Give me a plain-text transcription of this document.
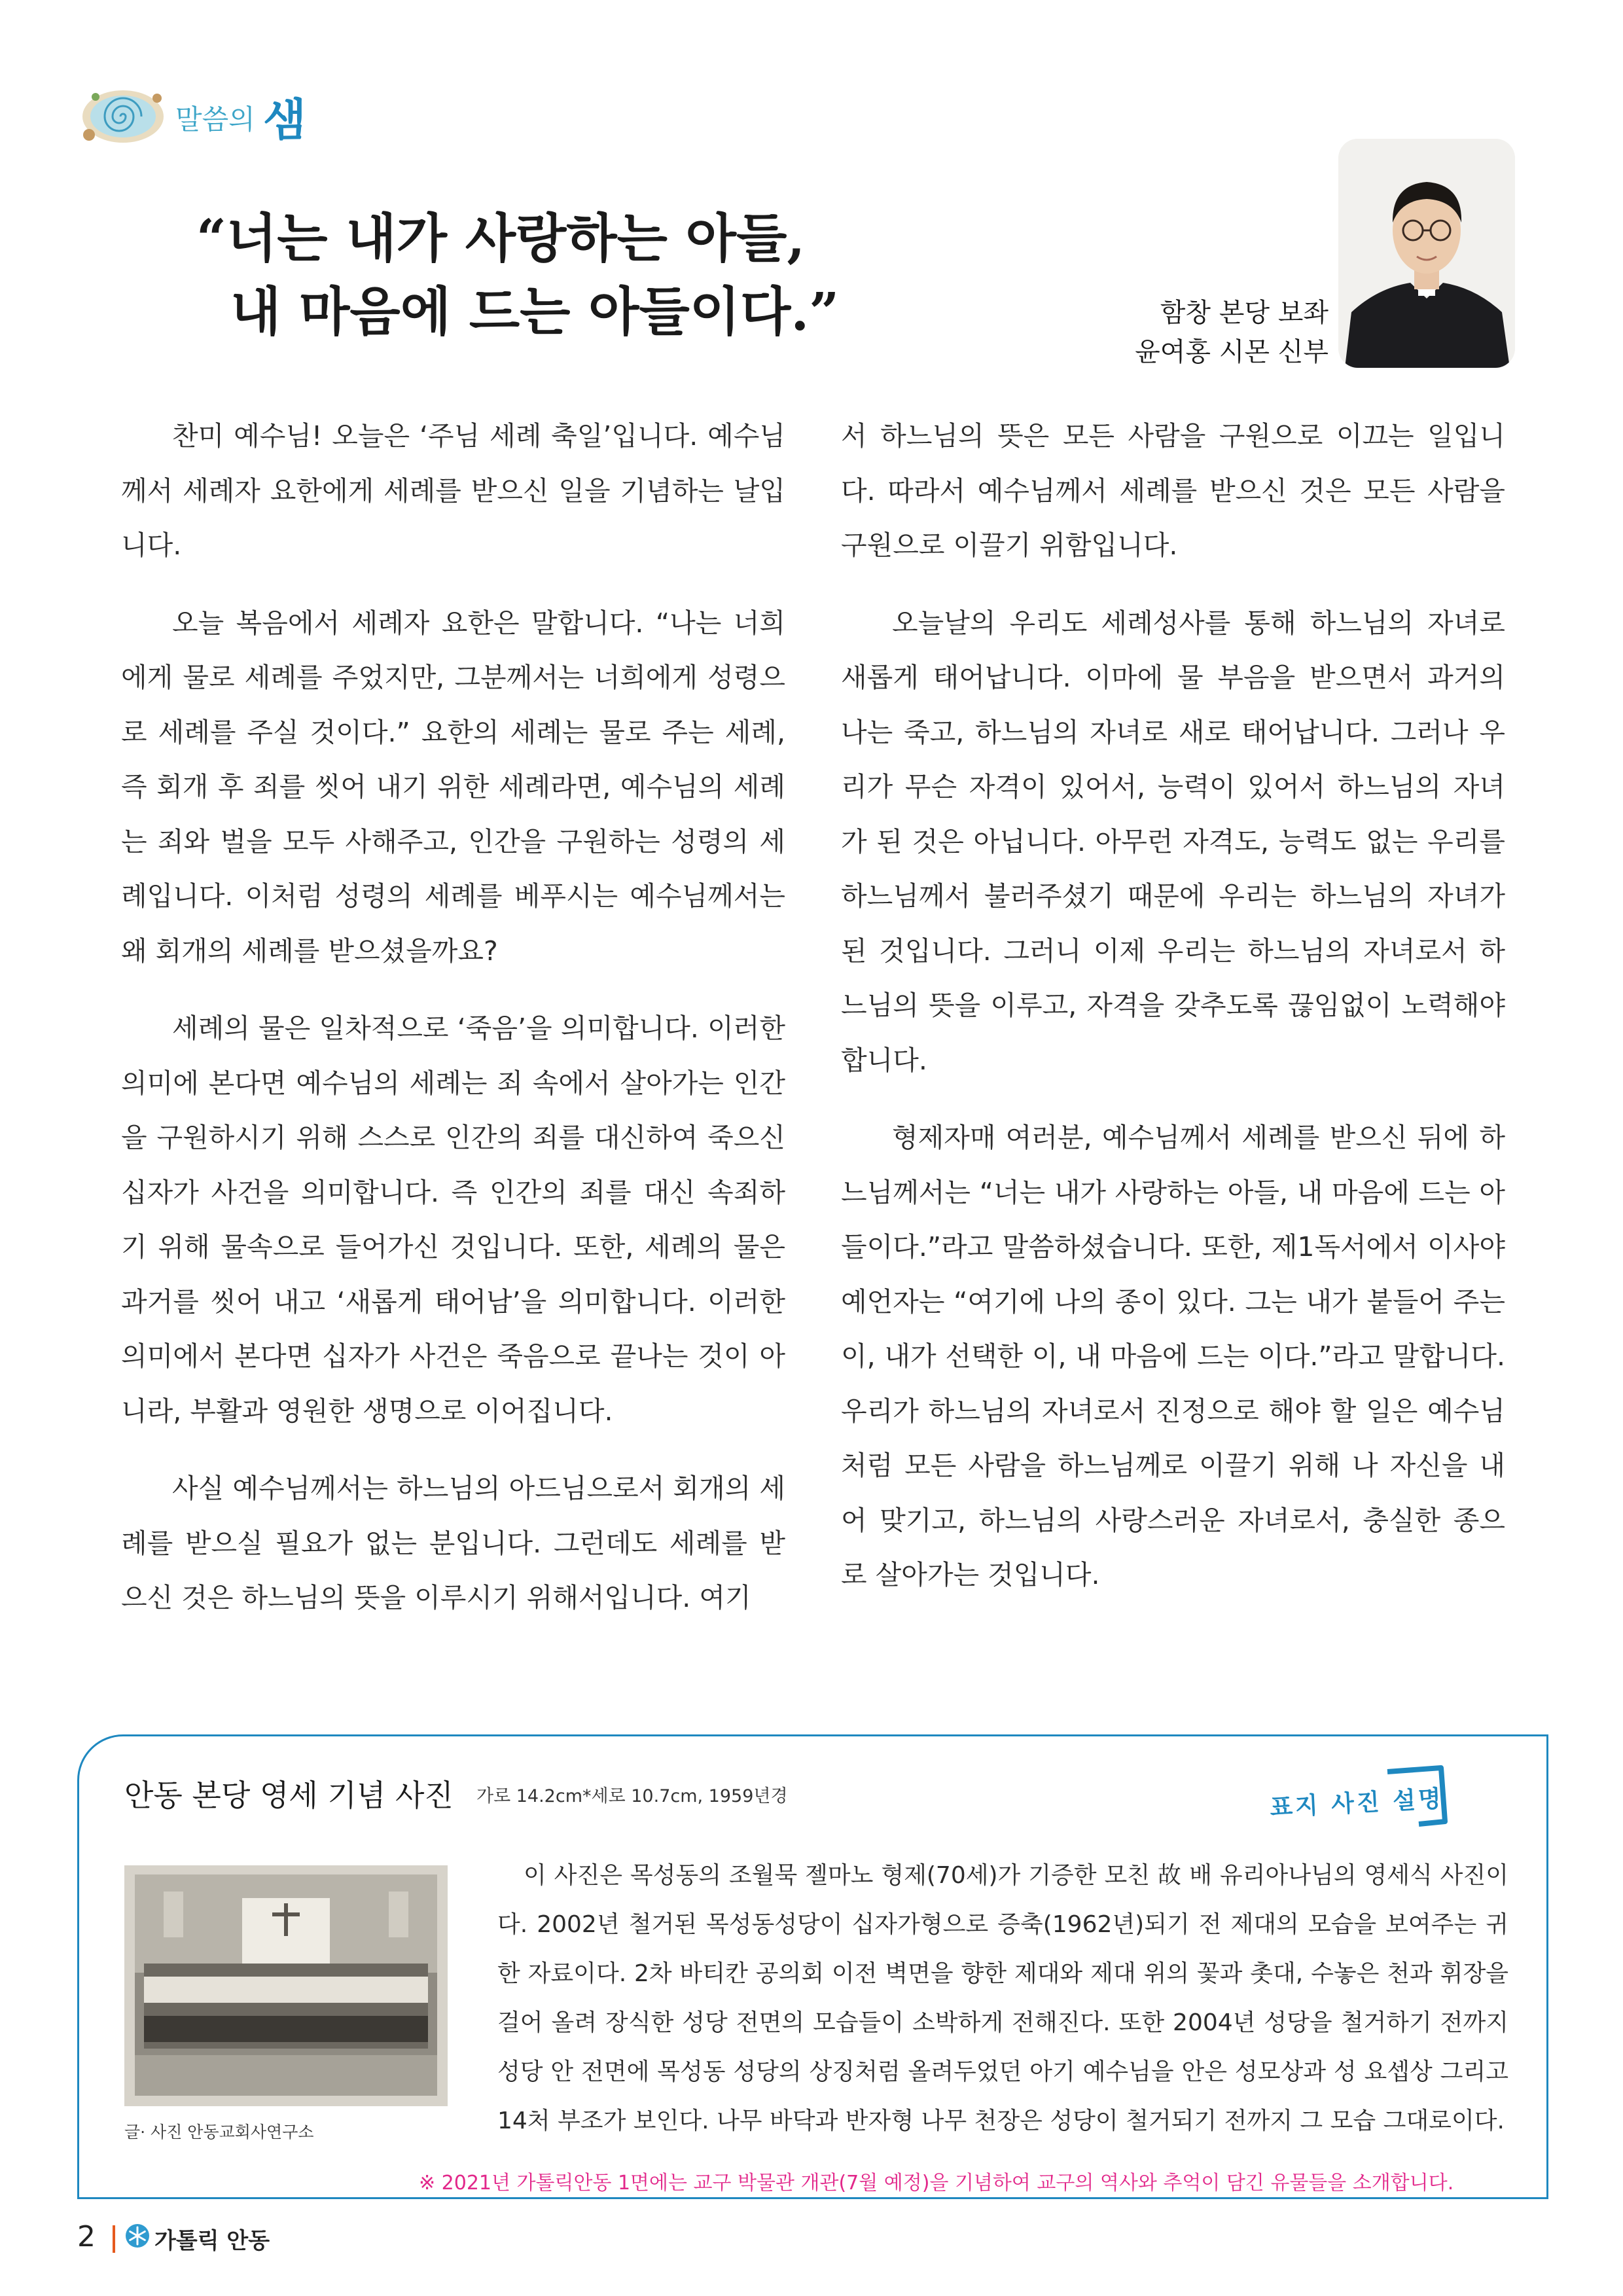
말씀의 샘
“너는 내가 사랑하는 아들,
내 마음에 드는 아들이다.”	함창 본당 보좌
윤여홍 시몬 신부

찬미 예수님! 오늘은 ‘주님 세례 축일’입니다. 예수님께서 세례자 요한에게 세례를 받으신 일을 기념하는 날입니다.

오늘 복음에서 세례자 요한은 말합니다. “나는 너희에게 물로 세례를 주었지만, 그분께서는 너희에게 성령으로 세례를 주실 것이다.” 요한의 세례는 물로 주는 세례, 즉 회개 후 죄를 씻어 내기 위한 세례라면, 예수님의 세례는 죄와 벌을 모두 사해주고, 인간을 구원하는 성령의 세례입니다. 이처럼 성령의 세례를 베푸시는 예수님께서는 왜 회개의 세례를 받으셨을까요?

세례의 물은 일차적으로 ‘죽음’을 의미합니다. 이러한 의미에 본다면 예수님의 세례는 죄 속에서 살아가는 인간을 구원하시기 위해 스스로 인간의 죄를 대신하여 죽으신 십자가 사건을 의미합니다. 즉 인간의 죄를 대신 속죄하기 위해 물속으로 들어가신 것입니다. 또한, 세례의 물은 과거를 씻어 내고 ‘새롭게 태어남’을 의미합니다. 이러한 의미에서 본다면 십자가 사건은 죽음으로 끝나는 것이 아니라, 부활과 영원한 생명으로 이어집니다.

사실 예수님께서는 하느님의 아드님으로서 회개의 세례를 받으실 필요가 없는 분입니다. 그런데도 세례를 받으신 것은 하느님의 뜻을 이루시기 위해서입니다. 여기

서 하느님의 뜻은 모든 사람을 구원으로 이끄는 일입니다. 따라서 예수님께서 세례를 받으신 것은 모든 사람을 구원으로 이끌기 위함입니다.

오늘날의 우리도 세례성사를 통해 하느님의 자녀로 새롭게 태어납니다. 이마에 물 부음을 받으면서 과거의 나는 죽고, 하느님의 자녀로 새로 태어납니다. 그러나 우리가 무슨 자격이 있어서, 능력이 있어서 하느님의 자녀가 된 것은 아닙니다. 아무런 자격도, 능력도 없는 우리를 하느님께서 불러주셨기 때문에 우리는 하느님의 자녀가 된 것입니다. 그러니 이제 우리는 하느님의 자녀로서 하느님의 뜻을 이루고, 자격을 갖추도록 끊임없이 노력해야 합니다.

형제자매 여러분, 예수님께서 세례를 받으신 뒤에 하느님께서는 “너는 내가 사랑하는 아들, 내 마음에 드는 아들이다.”라고 말씀하셨습니다. 또한, 제1독서에서 이사야 예언자는 “여기에 나의 종이 있다. 그는 내가 붙들어 주는 이, 내가 선택한 이, 내 마음에 드는 이다.”라고 말합니다. 우리가 하느님의 자녀로서 진정으로 해야 할 일은 예수님처럼 모든 사람을 하느님께로 이끌기 위해 나 자신을 내어 맞기고, 하느님의 사랑스러운 자녀로서, 충실한 종으로 살아가는 것입니다.

안동 본당 영세 기념 사진 가로 14.2cm*세로 10.7cm, 1959년경	표지 사진 설명
글· 사진 안동교회사연구소

이 사진은 목성동의 조월묵 젤마노 형제(70세)가 기증한 모친 故 배 유리아나님의 영세식 사진이다. 2002년 철거된 목성동성당이 십자가형으로 증축(1962년)되기 전 제대의 모습을 보여주는 귀한 자료이다. 2차 바티칸 공의회 이전 벽면을 향한 제대와 제대 위의 꽃과 촛대, 수놓은 천과 휘장을 걸어 올려 장식한 성당 전면의 모습들이 소박하게 전해진다. 또한 2004년 성당을 철거하기 전까지 성당 안 전면에 목성동 성당의 상징처럼 올려두었던 아기 예수님을 안은 성모상과 성 요셉상 그리고 14처 부조가 보인다. 나무 바닥과 반자형 나무 천장은 성당이 철거되기 전까지 그 모습 그대로이다.

※ 2021년 가톨릭안동 1면에는 교구 박물관 개관(7월 예정)을 기념하여 교구의 역사와 추억이 담긴 유물들을 소개합니다.
2	가톨릭 안동
